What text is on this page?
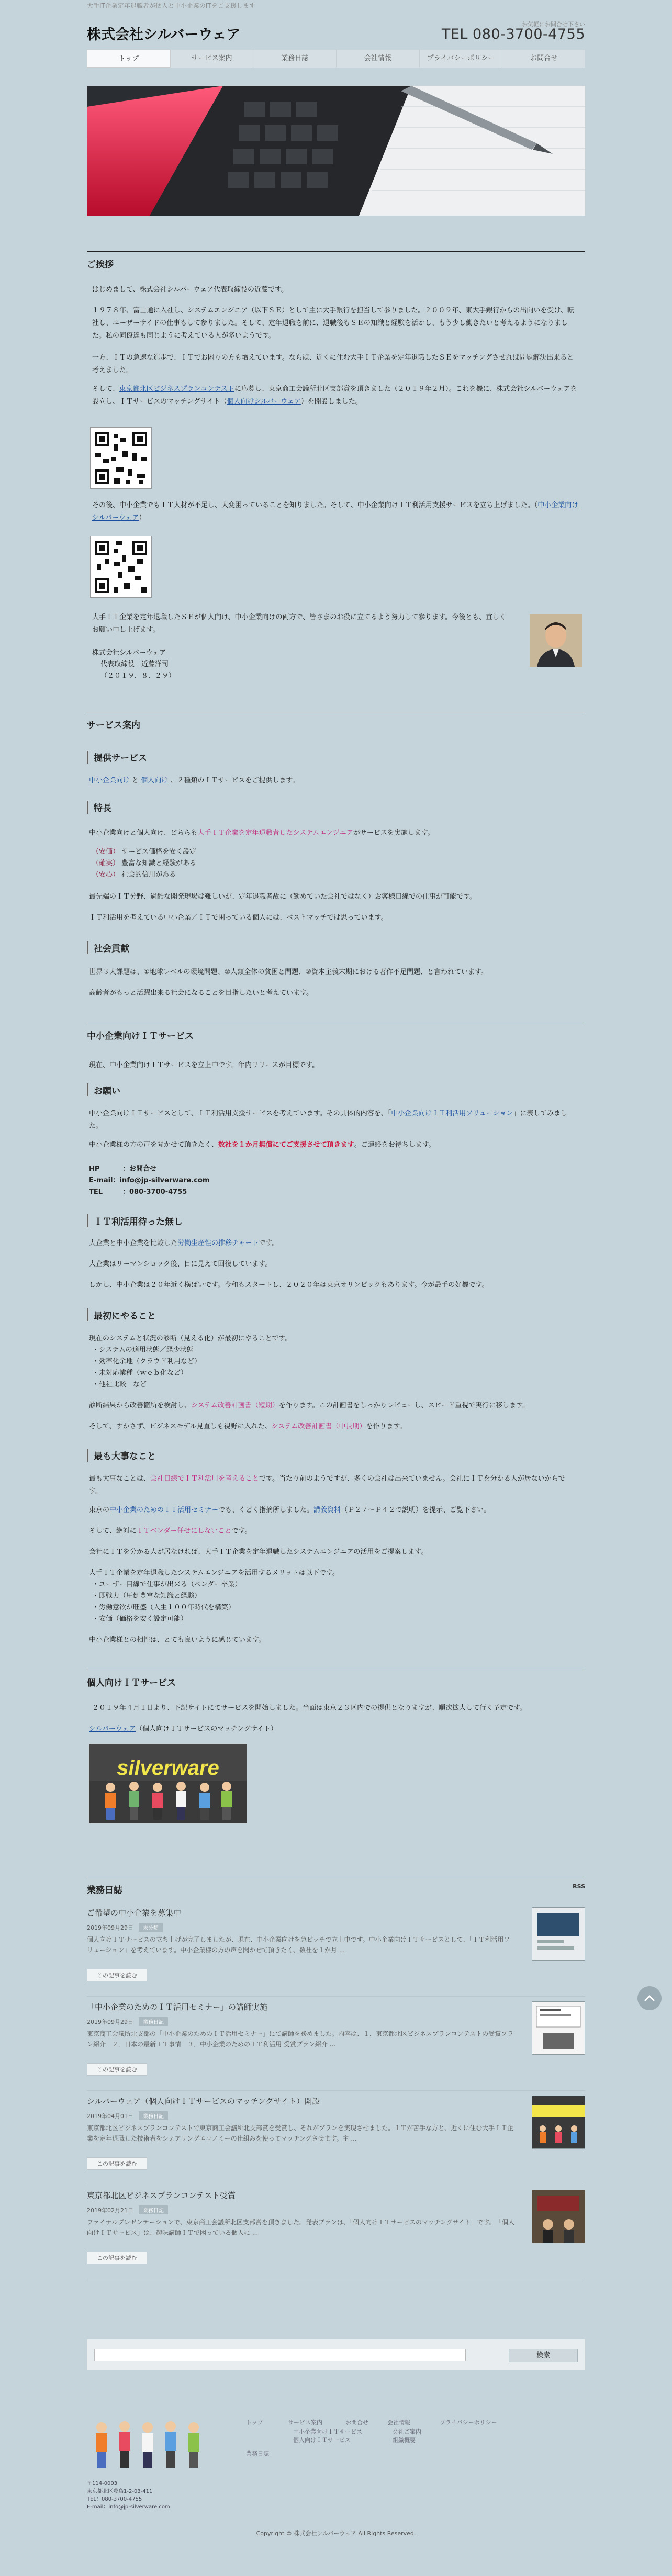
大手IT企業定年退職者が個人と中小企業のITをご支援します
株式会社シルバーウェア
お気軽にお問合せ下さい
TEL 080-3700-4755
トップ	サービス案内	業務日誌	会社情報	プライバシーポリシー	お問合せ
ご挨拶
はじめまして、株式会社シルバーウェア代表取締役の近藤です。
１９７８年、富士通に入社し、システムエンジニア（以下ＳＥ）として主に大手銀行を担当して参りました。２００９年、東大手銀行からの出向いを受け、転社し、ユーザーサイドの仕事もして参りました。そして、定年退職を前に、退職後もＳＥの知識と経験を活かし、もう少し働きたいと考えるようになりました。私の同僚達も同じように考えている人が多いようです。
一方、ＩＴの急速な進歩で、ＩＴでお困りの方も増えています。ならば、近くに住む大手ＩＴ企業を定年退職したＳＥをマッチングさせれば問題解決出来ると考えました。
そして、東京都北区ビジネスプランコンテストに応募し、東京商工会議所北区支部賞を頂きました（２０１９年２月）。これを機に、株式会社シルバーウェアを設立し、ＩＴサービスのマッチングサイト（個人向けシルバーウェア）を開設しました。
その後、中小企業でもＩＴ人材が不足し、大変困っていることを知りました。そして、中小企業向けＩＴ利活用支援サービスを立ち上げました。（中小企業向けシルバーウェア）
大手ＩＴ企業を定年退職したＳＥが個人向け、中小企業向けの両方で、皆さまのお役に立てるよう努力して参ります。今後とも、宜しくお願い申し上げます。
株式会社シルバーウェア
代表取締役　近藤洋司
（２０１９．８．２９）
サービス案内
提供サービス
中小企業向け と 個人向け 、２種類のＩＴサービスをご提供します。
特長
中小企業向けと個人向け、どちらも大手ＩＴ企業を定年退職者したシステムエンジニアがサービスを実施します。
（安価） サービス価格を安く設定
（確実） 豊富な知識と経験がある
（安心） 社会的信用がある
最先端のＩＴ分野、過酷な開発現場は難しいが、定年退職者故に（勤めていた会社ではなく）お客様目線での仕事が可能です。
ＩＴ利活用を考えている中小企業／ＩＴで困っている個人には、ベストマッチでは思っています。
社会貢献
世界３大課題は、①地球レベルの環境問題、②人類全体の貧困と問題、③資本主義末期における著作不足問題、と言われています。
高齢者がもっと活躍出来る社会になることを目指したいと考えています。
中小企業向けＩＴサービス
現在、中小企業向けＩＴサービスを立上中です。年内リリースが目標です。
お願い
中小企業向けＩＴサービスとして、ＩＴ利活用支援サービスを考えています。その具体的内容を、「中小企業向けＩＴ利活用ソリューション」に表してみました。
中小企業様の方の声を聞かせて頂きたく、数社を１か月無償にてご支援させて頂きます。ご連絡をお待ちします。
HP	：お問合せ
E-mail：info@jp-silverware.com
TEL	：080-3700-4755
ＩＴ利活用待った無し
大企業と中小企業を比較した労働生産性の推移チャートです。
大企業はリーマンショック後、目に見えて回復しています。
しかし、中小企業は２０年近く横ばいです。今和もスタートし、２０２０年は東京オリンピックもあります。今が最手の好機です。
最初にやること
現在のシステムと状況の診断（見える化）が最初にやることです。
・システムの適用状態／経少状態
・効率化余地（クラウド利用など）
・未対応業種（ｗｅｂ化など）
・他社比較　など
診断結果から改善箇所を検討し、システム改善計画書（短期）を作ります。この計画書をしっかりレビューし、スピード重視で実行に移します。
そして、すかさず、ビジネスモデル見直しも視野に入れた、システム改善計画書（中長期）を作ります。
最も大事なこと
最も大事なことは、会社目線でＩＴ利活用を考えることです。当たり前のようですが、多くの会社は出来ていません。会社にＩＴを分かる人が居ないからです。
東京の中小企業のためのＩＴ活用セミナーでも、くどく指摘所しました。講義資料（Ｐ２７〜Ｐ４２で説明）を提示、ご覧下さい。
そして、絶対にＩＴベンダー任せにしないことです。
会社にＩＴを分かる人が居なければ、大手ＩＴ企業を定年退職したシステムエンジニアの活用をご提案します。
大手ＩＴ企業を定年退職したシステムエンジニアを活用するメリットは以下です。
・ユーザー目線で仕事が出来る（ベンダー卒業）
・即戦力（圧倒豊富な知識と経験）
・労働意欲が旺盛（人生１００年時代を構築）
・安価（価格を安く設定可能）
中小企業様との相性は、とても良いように感じています。
個人向けＩＴサービス
２０１９年４月１日より、下記サイトにてサービスを開始しました。当面は東京２３区内での提供となりますが、順次拡大して行く予定です。
シルバーウェア（個人向けＩＴサービスのマッチングサイト）
silverware
業務日誌	RSS
ご希望の中小企業を募集中
2019年09月29日 未分類
個人向けＩＴサービスの立ち上げが完了しましたが、現在、中小企業向けを急ピッチで立上中です。中小企業向けＩＴサービスとして、「ＩＴ利活用ソリューション」を考えています。中小企業様の方の声を聞かせて頂きたく、数社を１か月 ...
この記事を読む
「中小企業のためのＩＴ活用セミナー」の講師実施
2019年09月29日 業務日記
東京商工会議所北支部の「中小企業のためのＩＴ活用セミナー」にて講師を務めました。内容は、１．東京都北区ビジネスプランコンテストの受賞プラン紹介　２．日本の最新ＩＴ事情　３．中小企業のためのＩＴ利活用 受賞プラン紹介 ...
この記事を読む
シルバーウェア（個人向けＩＴサービスのマッチングサイト）開設
2019年04月01日 業務日記
東京都北区ビジネスプランコンテストで東京商工会議所北支部賞を受賞し、それがプランを実現させました。ＩＴが苦手な方と、近くに住む大手ＩＴ企業を定年退職した技術者をシェアリングエコノミーの仕組みを使ってマッチングさせます。主 ...
この記事を読む
東京都北区ビジネスプランコンテスト受賞
2019年02月21日 業務日記
ファイナルプレゼンテーションで、東京商工会議所北区支部賞を頂きました。発表プランは、「個人向けＩＴサービスのマッチングサイト」です。　「個人向けＩＴサービス」は、趣味講師ＩＴで困っている個人に ...
この記事を読む
検索
トップ	サービス案内
中小企業向けＩＴサービス
個人向けＩＴサービス
業務日誌
会社情報
会社ご案内
組織概要
プライバシーポリシー
お問合せ
〒114-0003
東京都北区豊島1-2-03-411
TEL：080-3700-4755
E-mail：info@jp-silverware.com
Copyright © 株式会社シルバーウェア All Rights Reserved.
